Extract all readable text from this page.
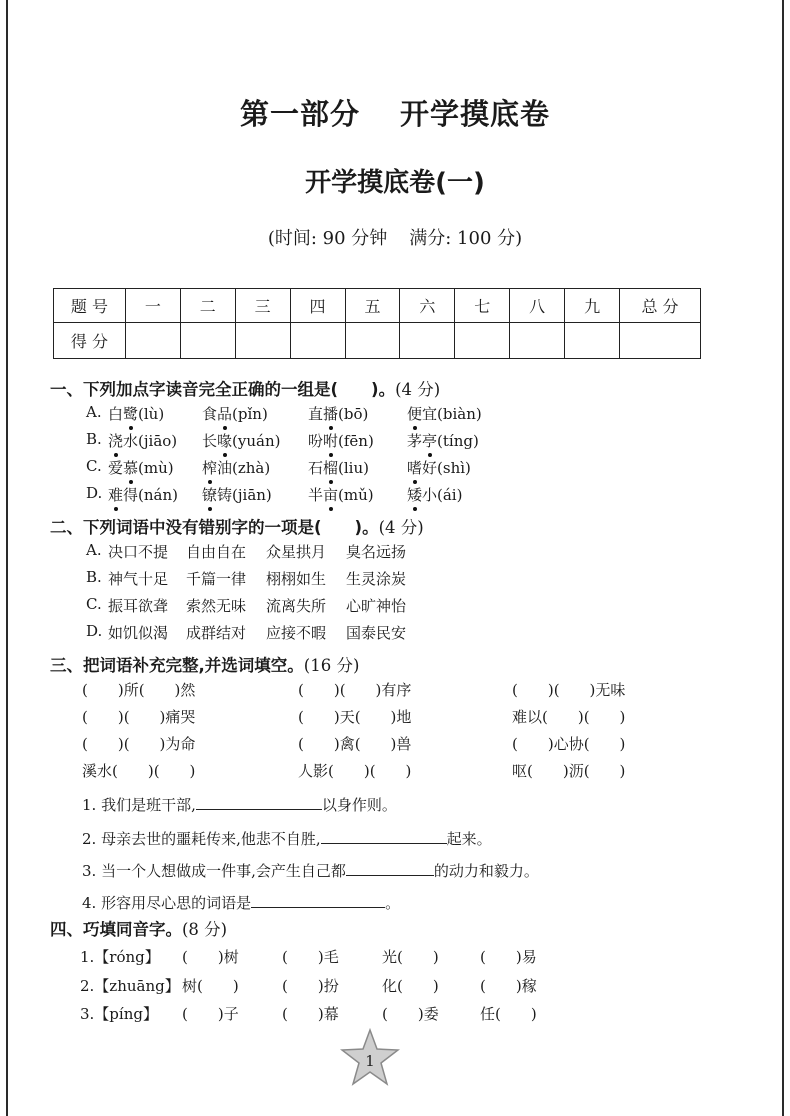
第一部分 开学摸底卷
开学摸底卷(一)
(时间: 90 分钟 满分: 100 分)
题 号	一	二	三	四	五	六	七	八	九	总 分
得 分										
一、下列加点字读音完全正确的一组是(　　)。(4 分)
A. 白鹭(lù)	食品(pǐn)	直播(bō)	便宜(biàn)
B. 浇水(jiāo) 长喙(yuán) 吩咐(fēn) 茅亭(tíng)
C. 爱慕(mù) 榨油(zhà)	石榴(liu)	嗜好(shì)
D. 难得(nán) 镣铸(jiān) 半亩(mǔ) 矮小(ái)
二、下列词语中没有错别字的一项是(　　)。(4 分)
A. 决口不提 自由自在 众星拱月 臭名远扬
B. 神气十足 千篇一律 栩栩如生 生灵涂炭
C. 振耳欲聋 索然无味 流离失所 心旷神怡
D. 如饥似渴 成群结对 应接不暇 国泰民安
三、把词语补充完整,并选词填空。(16 分)
(　　)所(　　)然	(　　)(　　)有序	(　　)(　　)无味
(　　)(　　)痛哭	(　　)天(　　)地	难以(　　)(　　)
(　　)(　　)为命	(　　)禽(　　)兽	(　　)心协(　　)
溪水(　　)(　　)	人影(　　)(　　)	呕(　　)沥(　　)
1. 我们是班干部,	以身作则。
2. 母亲去世的噩耗传来,他悲不自胜,	起来。
3. 当一个人想做成一件事,会产生自己都	的动力和毅力。
4. 形容用尽心思的词语是	。
四、巧填同音字。(8 分)
1.【róng】 (　　)树	(　　)毛	光(　　)	(　　)易
2.【zhuāng】 树(　　)	(　　)扮	化(　　)	(　　)稼
3.【píng】 (　　)子	(　　)幕	(　　)委	任(　　)
1
